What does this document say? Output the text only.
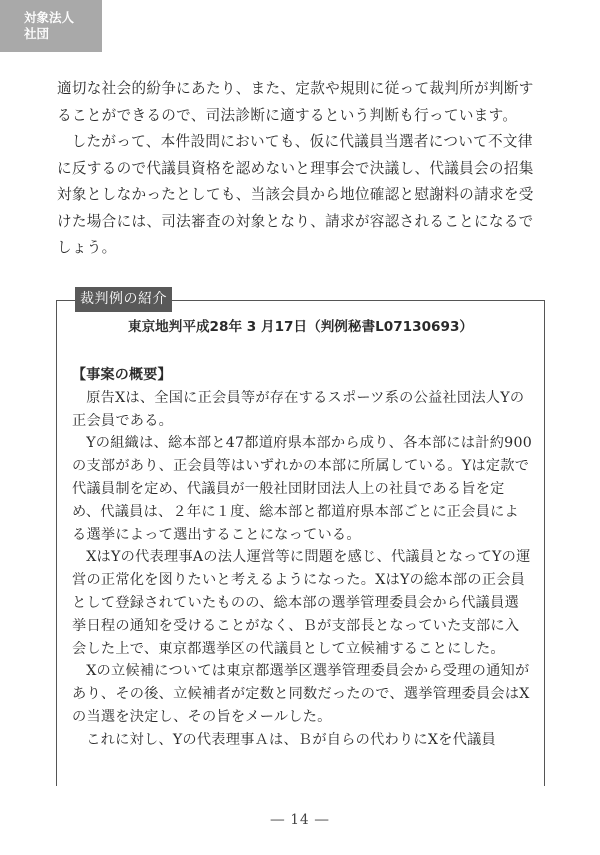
対象法人
社団

適切な社会的紛争にあたり、また、定款や規則に従って裁判所が判断することができるので、司法診断に適するという判断も行っています。

したがって、本件設問においても、仮に代議員当選者について不文律に反するので代議員資格を認めないと理事会で決議し、代議員会の招集対象としなかったとしても、当該会員から地位確認と慰謝料の請求を受けた場合には、司法審査の対象となり、請求が容認されることになるでしょう。

裁判例の紹介
東京地判平成28年 3 月17日（判例秘書L07130693）

【事案の概要】

原告Xは、全国に正会員等が存在するスポーツ系の公益社団法人Yの正会員である。

Yの組織は、総本部と47都道府県本部から成り、各本部には計約900の支部があり、正会員等はいずれかの本部に所属している。Yは定款で代議員制を定め、代議員が一般社団財団法人上の社員である旨を定め、代議員は、２年に１度、総本部と都道府県本部ごとに正会員による選挙によって選出することになっている。

XはYの代表理事Aの法人運営等に問題を感じ、代議員となってYの運営の正常化を図りたいと考えるようになった。XはYの総本部の正会員として登録されていたものの、総本部の選挙管理委員会から代議員選挙日程の通知を受けることがなく、Ｂが支部長となっていた支部に入会した上で、東京都選挙区の代議員として立候補することにした。

Xの立候補については東京都選挙区選挙管理委員会から受理の通知があり、その後、立候補者が定数と同数だったので、選挙管理委員会はXの当選を決定し、その旨をメールした。

これに対し、Yの代表理事Ａは、Ｂが自らの代わりにXを代議員

― 14 ―
